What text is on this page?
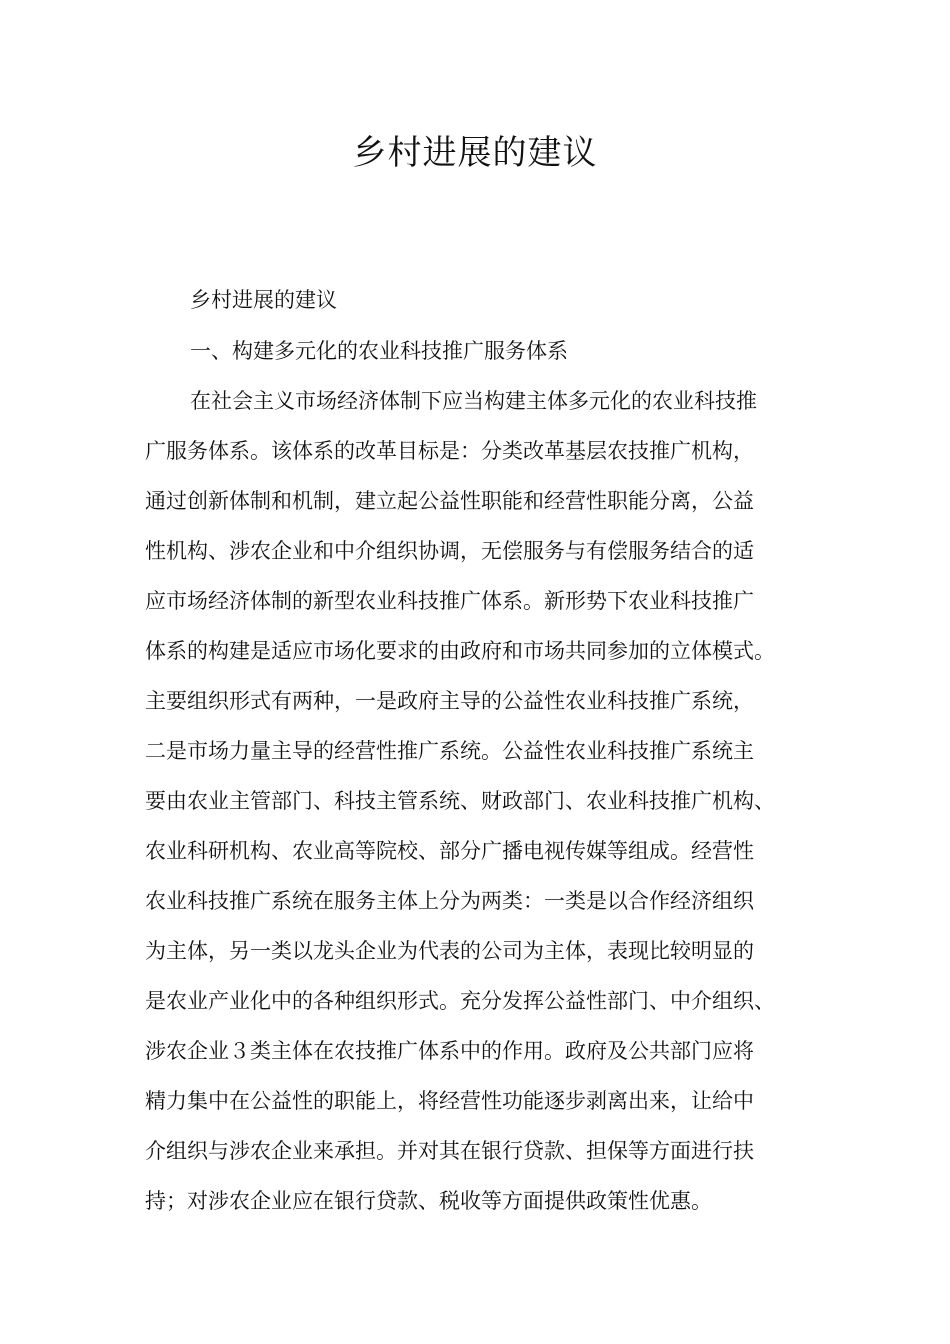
乡村进展的建议

乡村进展的建议

一、构建多元化的农业科技推广服务体系

在社会主义市场经济体制下应当构建主体多元化的农业科技推

广服务体系。该体系的改革目标是：分类改革基层农技推广机构，

通过创新体制和机制，建立起公益性职能和经营性职能分离，公益

性机构、涉农企业和中介组织协调，无偿服务与有偿服务结合的适

应市场经济体制的新型农业科技推广体系。新形势下农业科技推广

体系的构建是适应市场化要求的由政府和市场共同参加的立体模式。

主要组织形式有两种，一是政府主导的公益性农业科技推广系统，

二是市场力量主导的经营性推广系统。公益性农业科技推广系统主

要由农业主管部门、科技主管系统、财政部门、农业科技推广机构、

农业科研机构、农业高等院校、部分广播电视传媒等组成。经营性

农业科技推广系统在服务主体上分为两类：一类是以合作经济组织

为主体，另一类以龙头企业为代表的公司为主体，表现比较明显的

是农业产业化中的各种组织形式。充分发挥公益性部门、中介组织、

涉农企业３类主体在农技推广体系中的作用。政府及公共部门应将

精力集中在公益性的职能上，将经营性功能逐步剥离出来，让给中

介组织与涉农企业来承担。并对其在银行贷款、担保等方面进行扶

持；对涉农企业应在银行贷款、税收等方面提供政策性优惠。
